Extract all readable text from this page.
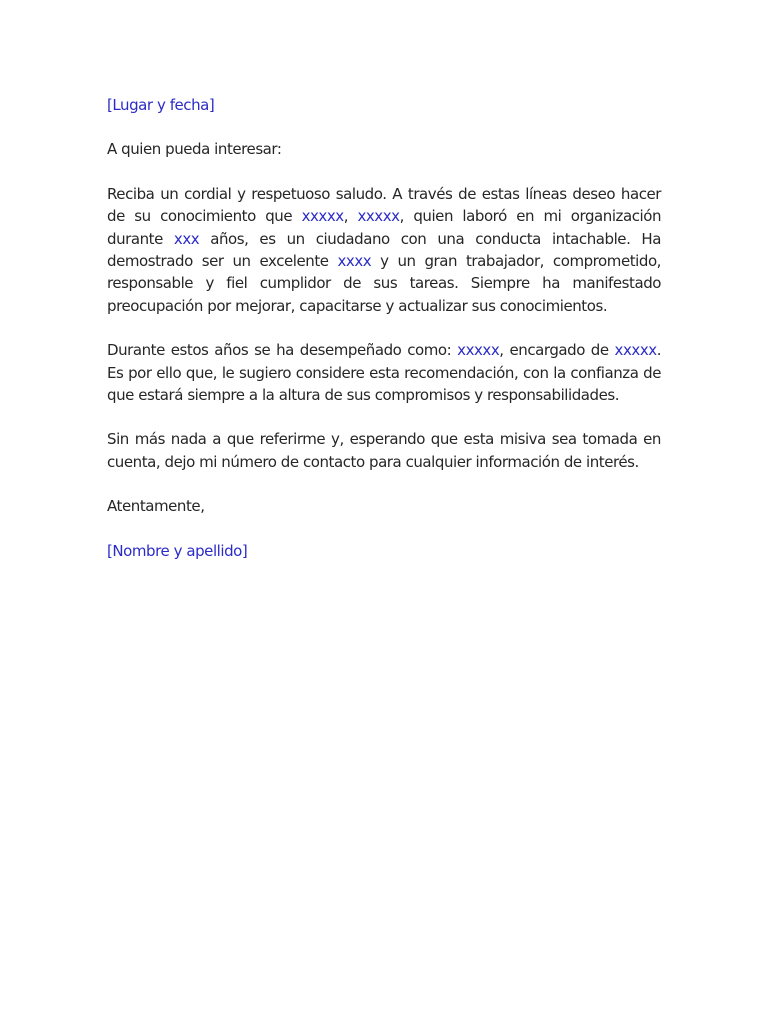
[Lugar y fecha]

A quien pueda interesar:

Reciba un cordial y respetuoso saludo. A través de estas líneas deseo hacer de su conocimiento que xxxxx, xxxxx, quien laboró en mi organización durante xxx años, es un ciudadano con una conducta intachable. Ha demostrado ser un excelente xxxx y un gran trabajador, comprometido, responsable y fiel cumplidor de sus tareas. Siempre ha manifestado preocupación por mejorar, capacitarse y actualizar sus conocimientos.

Durante estos años se ha desempeñado como: xxxxx, encargado de xxxxx. Es por ello que, le sugiero considere esta recomendación, con la confianza de que estará siempre a la altura de sus compromisos y responsabilidades.

Sin más nada a que referirme y, esperando que esta misiva sea tomada en cuenta, dejo mi número de contacto para cualquier información de interés.

Atentamente,

[Nombre y apellido]
